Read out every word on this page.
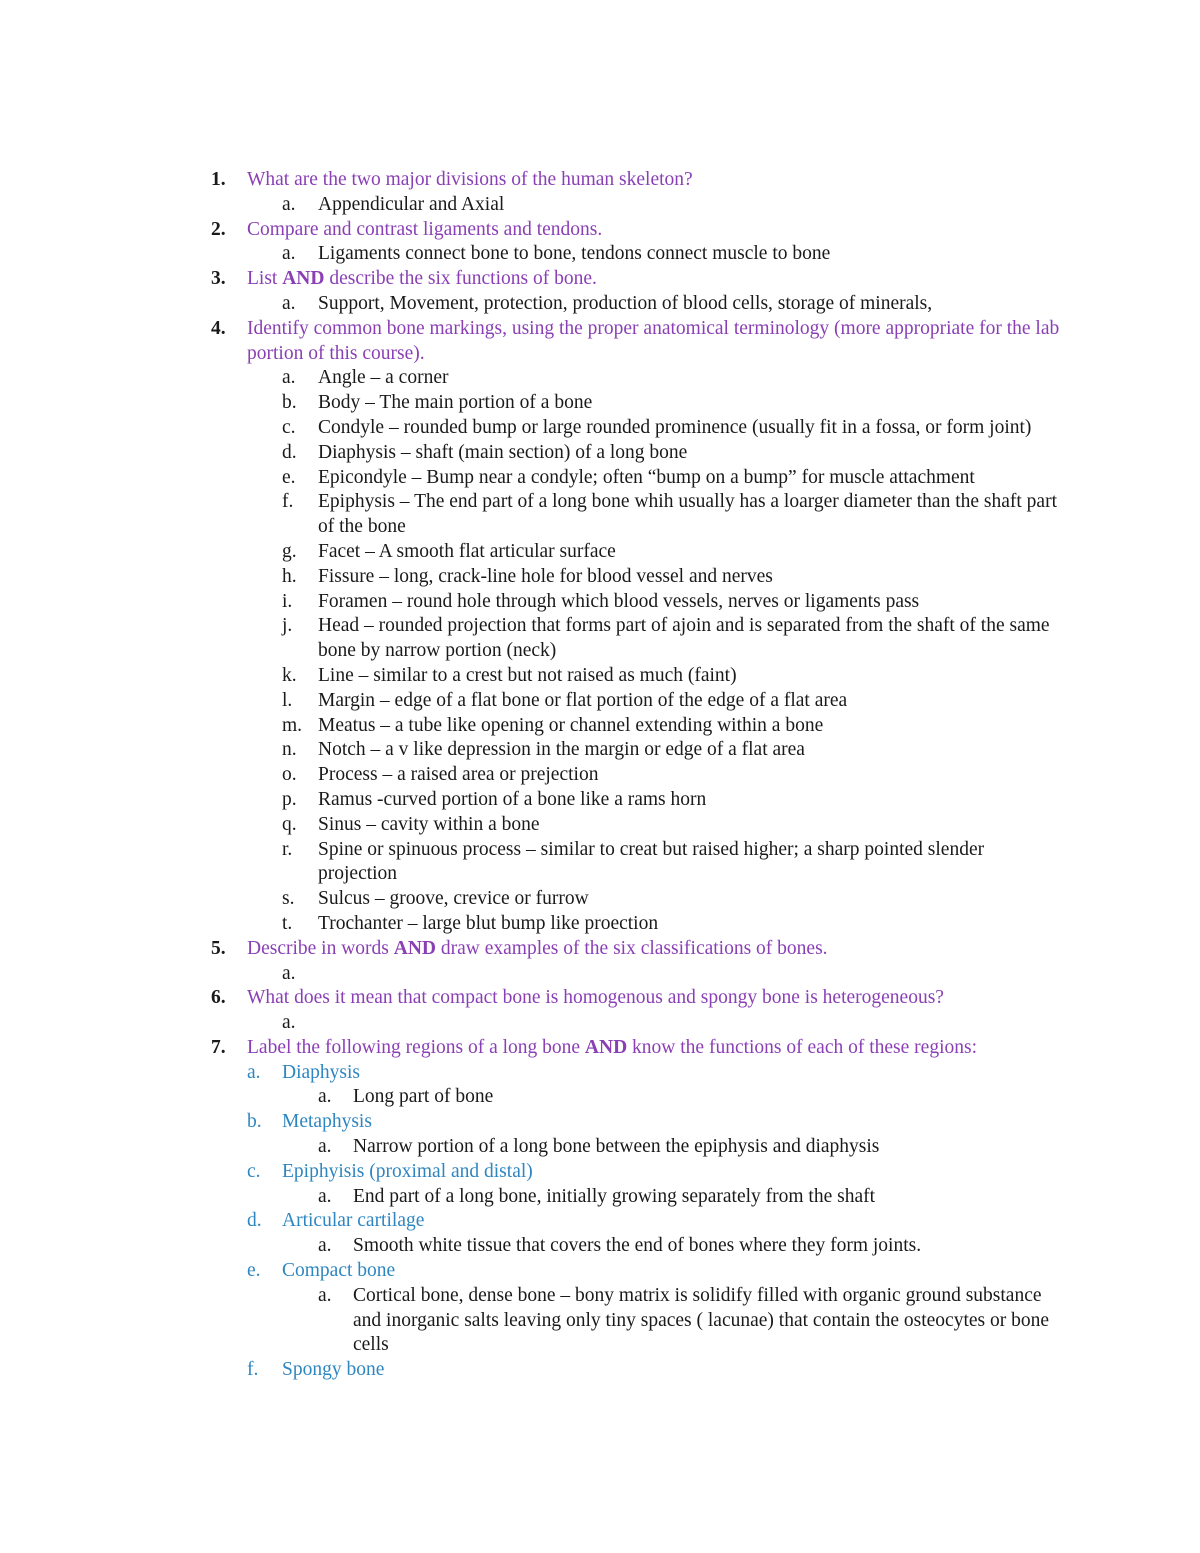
1. What are the two major divisions of the human skeleton?
a. Appendicular and Axial
2. Compare and contrast ligaments and tendons.
a. Ligaments connect bone to bone, tendons connect muscle to bone
3. List AND describe the six functions of bone.
a. Support, Movement, protection, production of blood cells, storage of minerals,
4. Identify common bone markings, using the proper anatomical terminology (more appropriate for the lab portion of this course).
a. Angle – a corner
b. Body – The main portion of a bone
c. Condyle – rounded bump or large rounded prominence (usually fit in a fossa, or form joint)
d. Diaphysis – shaft (main section) of a long bone
e. Epicondyle – Bump near a condyle; often “bump on a bump” for muscle attachment
f. Epiphysis – The end part of a long bone whih usually has a loarger diameter than the shaft part of the bone
g. Facet – A smooth flat articular surface
h. Fissure – long, crack-line hole for blood vessel and nerves
i. Foramen – round hole through which blood vessels, nerves or ligaments pass
j. Head – rounded projection that forms part of ajoin and is separated from the shaft of the same bone by narrow portion (neck)
k. Line – similar to a crest but not raised as much (faint)
l. Margin – edge of a flat bone or flat portion of the edge of a flat area
m. Meatus – a tube like opening or channel extending within a bone
n. Notch – a v like depression in the margin or edge of a flat area
o. Process – a raised area or prejection
p. Ramus -curved portion of a bone like a rams horn
q. Sinus – cavity within a bone
r. Spine or spinuous process – similar to creat but raised higher; a sharp pointed slender projection
s. Sulcus – groove, crevice or furrow
t. Trochanter – large blut bump like proection
5. Describe in words AND draw examples of the six classifications of bones.
a.

6. What does it mean that compact bone is homogenous and spongy bone is heterogeneous?
a.

7. Label the following regions of a long bone AND know the functions of each of these regions:
a. Diaphysis
a. Long part of bone
b. Metaphysis
a. Narrow portion of a long bone between the epiphysis and diaphysis
c. Epiphyisis (proximal and distal)
a. End part of a long bone, initially growing separately from the shaft
d. Articular cartilage
a. Smooth white tissue that covers the end of bones where they form joints.
e. Compact bone
a. Cortical bone, dense bone – bony matrix is solidify filled with organic ground substance and inorganic salts leaving only tiny spaces ( lacunae) that contain the osteocytes or bone cells
f. Spongy bone
